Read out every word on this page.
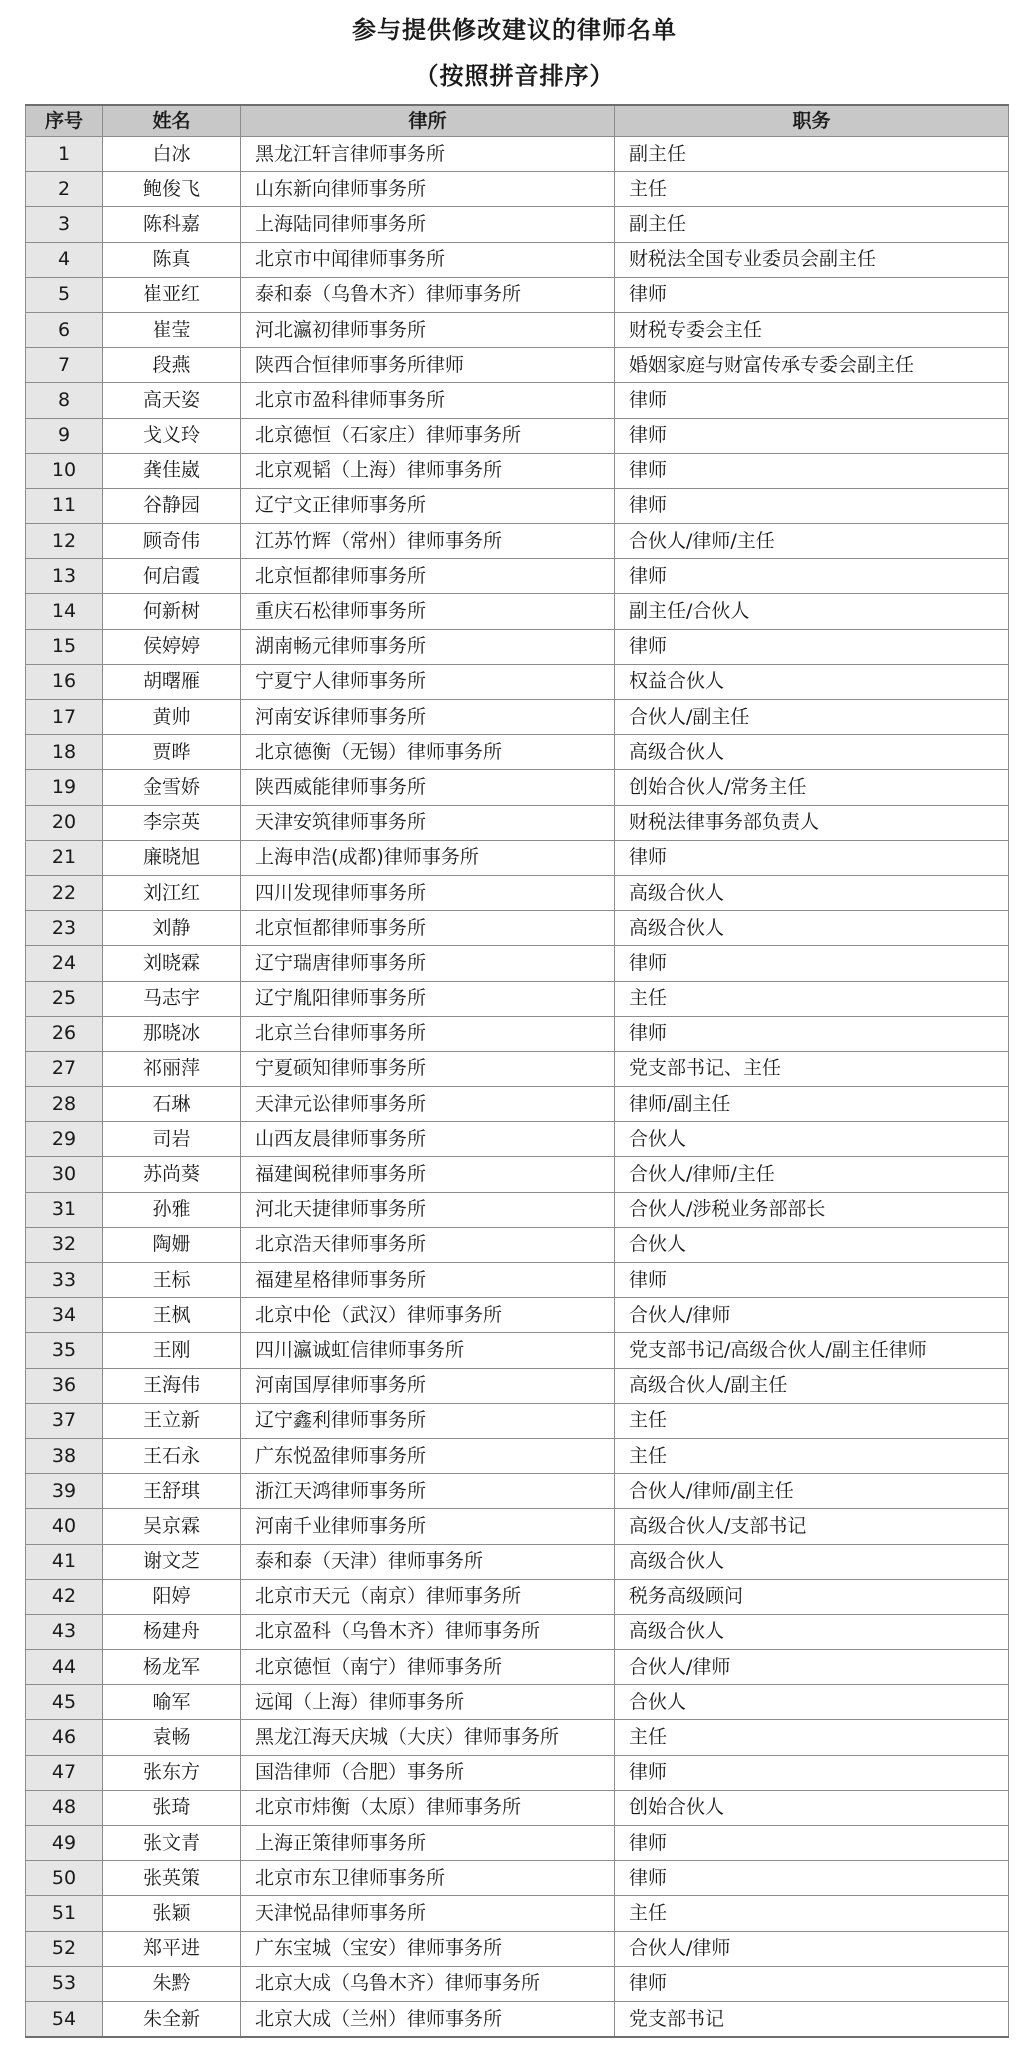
参与提供修改建议的律师名单
（按照拼音排序）
序号	姓名	律所	职务
1	白冰	黑龙江轩言律师事务所	副主任
2	鲍俊飞	山东新向律师事务所	主任
3	陈科嘉	上海陆同律师事务所	副主任
4	陈真	北京市中闻律师事务所	财税法全国专业委员会副主任
5	崔亚红	泰和泰（乌鲁木齐）律师事务所	律师
6	崔莹	河北瀛初律师事务所	财税专委会主任
7	段燕	陕西合恒律师事务所律师	婚姻家庭与财富传承专委会副主任
8	高天姿	北京市盈科律师事务所	律师
9	戈义玲	北京德恒（石家庄）律师事务所	律师
10	龚佳崴	北京观韬（上海）律师事务所	律师
11	谷静园	辽宁文正律师事务所	律师
12	顾奇伟	江苏竹辉（常州）律师事务所	合伙人/律师/主任
13	何启霞	北京恒都律师事务所	律师
14	何新树	重庆石松律师事务所	副主任/合伙人
15	侯婷婷	湖南畅元律师事务所	律师
16	胡曙雁	宁夏宁人律师事务所	权益合伙人
17	黄帅	河南安诉律师事务所	合伙人/副主任
18	贾晔	北京德衡（无锡）律师事务所	高级合伙人
19	金雪娇	陕西威能律师事务所	创始合伙人/常务主任
20	李宗英	天津安筑律师事务所	财税法律事务部负责人
21	廉晓旭	上海申浩(成都)律师事务所	律师
22	刘江红	四川发现律师事务所	高级合伙人
23	刘静	北京恒都律师事务所	高级合伙人
24	刘晓霖	辽宁瑞唐律师事务所	律师
25	马志宇	辽宁胤阳律师事务所	主任
26	那晓冰	北京兰台律师事务所	律师
27	祁丽萍	宁夏硕知律师事务所	党支部书记、主任
28	石琳	天津元讼律师事务所	律师/副主任
29	司岩	山西友晨律师事务所	合伙人
30	苏尚葵	福建闽税律师事务所	合伙人/律师/主任
31	孙雅	河北天捷律师事务所	合伙人/涉税业务部部长
32	陶姗	北京浩天律师事务所	合伙人
33	王标	福建星格律师事务所	律师
34	王枫	北京中伦（武汉）律师事务所	合伙人/律师
35	王刚	四川瀛诚虹信律师事务所	党支部书记/高级合伙人/副主任律师
36	王海伟	河南国厚律师事务所	高级合伙人/副主任
37	王立新	辽宁鑫利律师事务所	主任
38	王石永	广东悦盈律师事务所	主任
39	王舒琪	浙江天鸿律师事务所	合伙人/律师/副主任
40	吴京霖	河南千业律师事务所	高级合伙人/支部书记
41	谢文芝	泰和泰（天津）律师事务所	高级合伙人
42	阳婷	北京市天元（南京）律师事务所	税务高级顾问
43	杨建舟	北京盈科（乌鲁木齐）律师事务所	高级合伙人
44	杨龙军	北京德恒（南宁）律师事务所	合伙人/律师
45	喻军	远闻（上海）律师事务所	合伙人
46	袁畅	黑龙江海天庆城（大庆）律师事务所	主任
47	张东方	国浩律师（合肥）事务所	律师
48	张琦	北京市炜衡（太原）律师事务所	创始合伙人
49	张文青	上海正策律师事务所	律师
50	张英策	北京市东卫律师事务所	律师
51	张颖	天津悦品律师事务所	主任
52	郑平进	广东宝城（宝安）律师事务所	合伙人/律师
53	朱黔	北京大成（乌鲁木齐）律师事务所	律师
54	朱全新	北京大成（兰州）律师事务所	党支部书记
